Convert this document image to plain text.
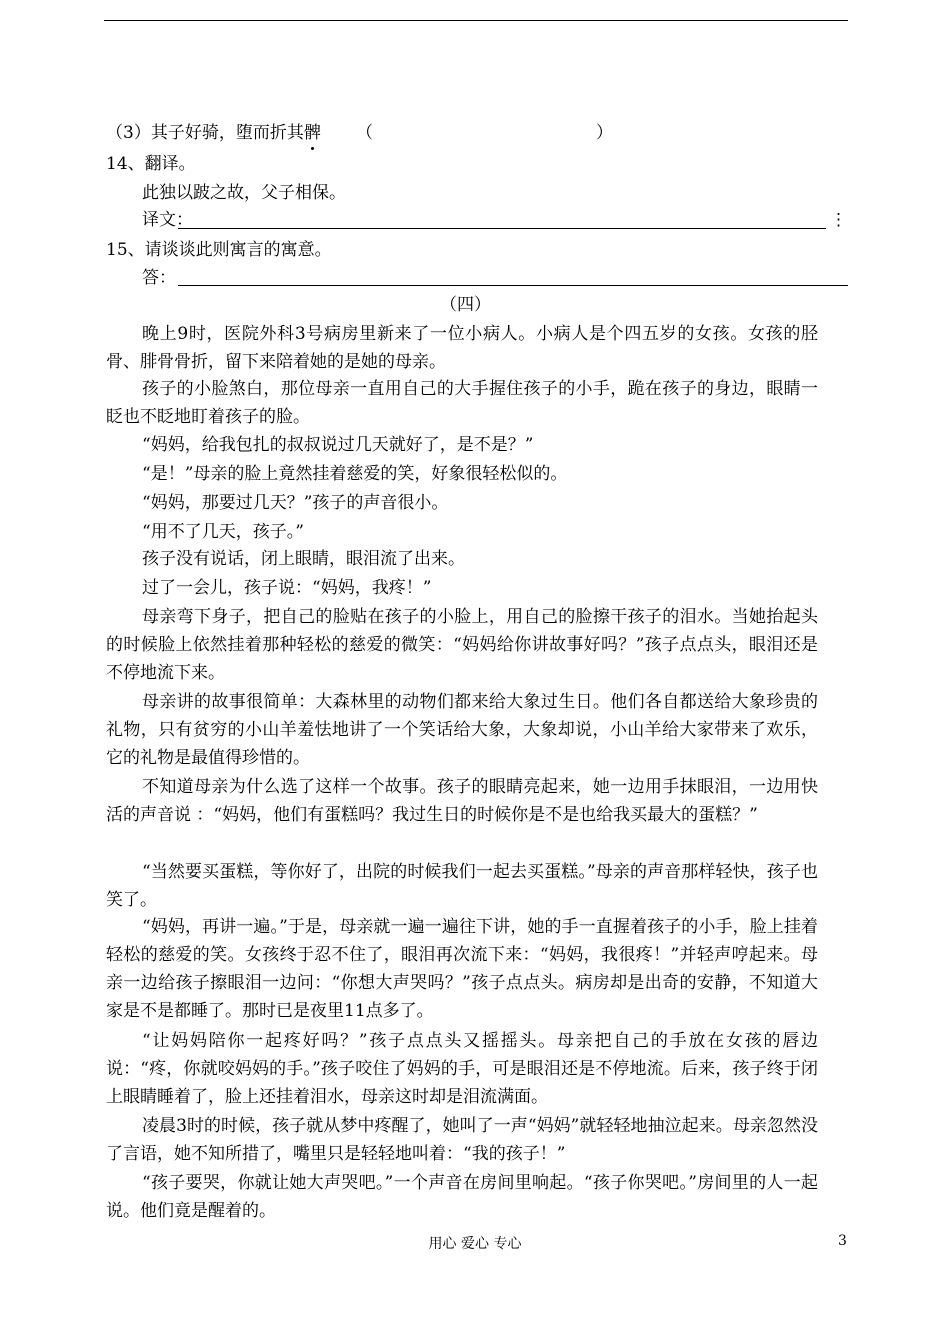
（3）其子好骑，堕而折其髀 （	）
14、翻译。
此独以跛之故，父子相保。
译文：	⋮
15、请谈谈此则寓言的寓意。
答：
（四）

晚上9时，医院外科3号病房里新来了一位小病人。小病人是个四五岁的女孩。女孩的胫骨、腓骨骨折，留下来陪着她的是她的母亲。

孩子的小脸煞白，那位母亲一直用自己的大手握住孩子的小手，跪在孩子的身边，眼睛一眨也不眨地盯着孩子的脸。

“妈妈，给我包扎的叔叔说过几天就好了，是不是？”

“是！”母亲的脸上竟然挂着慈爱的笑，好象很轻松似的。

“妈妈，那要过几天？”孩子的声音很小。

“用不了几天，孩子。”

孩子没有说话，闭上眼睛，眼泪流了出来。

过了一会儿，孩子说：“妈妈，我疼！”

母亲弯下身子，把自己的脸贴在孩子的小脸上，用自己的脸擦干孩子的泪水。当她抬起头的时候脸上依然挂着那种轻松的慈爱的微笑：“妈妈给你讲故事好吗？”孩子点点头，眼泪还是不停地流下来。

母亲讲的故事很简单：大森林里的动物们都来给大象过生日。他们各自都送给大象珍贵的礼物，只有贫穷的小山羊羞怯地讲了一个笑话给大象，大象却说，小山羊给大家带来了欢乐，它的礼物是最值得珍惜的。

不知道母亲为什么选了这样一个故事。孩子的眼睛亮起来，她一边用手抹眼泪，一边用快活的声音说 ：“妈妈，他们有蛋糕吗？我过生日的时候你是不是也给我买最大的蛋糕？”

“当然要买蛋糕，等你好了，出院的时候我们一起去买蛋糕。”母亲的声音那样轻快，孩子也笑了。

“妈妈，再讲一遍。”于是，母亲就一遍一遍往下讲，她的手一直握着孩子的小手，脸上挂着轻松的慈爱的笑。女孩终于忍不住了，眼泪再次流下来：“妈妈，我很疼！”并轻声哼起来。母亲一边给孩子擦眼泪一边问：“你想大声哭吗？”孩子点点头。病房却是出奇的安静，不知道大家是不是都睡了。那时已是夜里11点多了。

“让妈妈陪你一起疼好吗？”孩子点点头又摇摇头。母亲把自己的手放在女孩的唇边说：“疼，你就咬妈妈的手。”孩子咬住了妈妈的手，可是眼泪还是不停地流。后来，孩子终于闭上眼睛睡着了，脸上还挂着泪水，母亲这时却是泪流满面。

凌晨3时的时候，孩子就从梦中疼醒了，她叫了一声“妈妈”就轻轻地抽泣起来。母亲忽然没了言语，她不知所措了，嘴里只是轻轻地叫着：“我的孩子！”

“孩子要哭，你就让她大声哭吧。”一个声音在房间里响起。“孩子你哭吧。”房间里的人一起说。他们竟是醒着的。

用心 爱心 专心	3
